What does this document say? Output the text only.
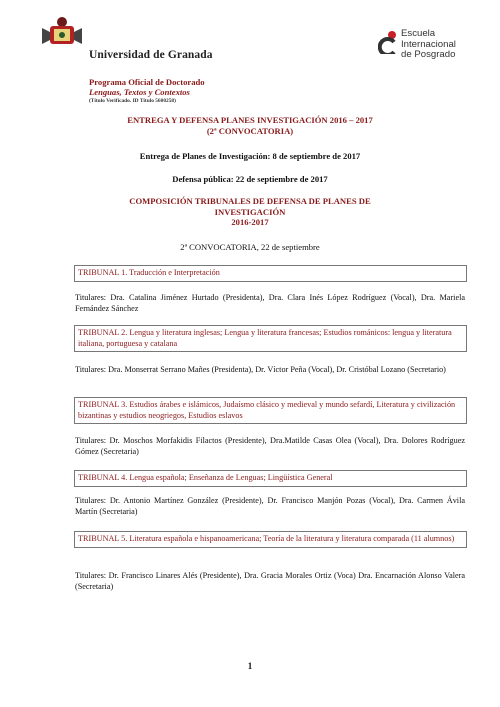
Universidad de Granada
Programa Oficial de Doctorado
Lenguas, Textos y Contextos
(Título Verificado. ID Título 5600258)
Escuela
Internacional
de Posgrado
ENTREGA Y DEFENSA PLANES INVESTIGACIÓN 2016 – 2017
(2ª CONVOCATORIA)
Entrega de Planes de Investigación: 8 de septiembre de 2017
Defensa pública: 22 de septiembre de 2017
COMPOSICIÓN TRIBUNALES DE DEFENSA DE PLANES DE
INVESTIGACIÓN
2016-2017
2ª CONVOCATORIA, 22 de septiembre
TRIBUNAL 1. Traducción e Interpretación
Titulares: Dra. Catalina Jiménez Hurtado (Presidenta), Dra. Clara Inés López Rodríguez (Vocal), Dra. Mariela Fernández Sánchez
TRIBUNAL 2. Lengua y literatura inglesas; Lengua y literatura francesas; Estudios románicos: lengua y literatura italiana, portuguesa y catalana
Titulares: Dra. Monserrat Serrano Mañes (Presidenta), Dr. Víctor Peña (Vocal), Dr. Cristóbal Lozano (Secretario)
TRIBUNAL 3. Estudios árabes e islámicos, Judaísmo clásico y medieval y mundo sefardí, Literatura y civilización bizantinas y estudios neogriegos, Estudios eslavos
Titulares: Dr. Moschos Morfakidis Filactos (Presidente), Dra.Matilde Casas Olea (Vocal), Dra. Dolores Rodríguez Gómez (Secretaria)
TRIBUNAL 4. Lengua española; Enseñanza de Lenguas; Lingüística General
Titulares: Dr. Antonio Martínez González (Presidente), Dr. Francisco Manjón Pozas (Vocal), Dra. Carmen Ávila Martín (Secretaria)
TRIBUNAL 5. Literatura española e hispanoamericana; Teoría de la literatura y literatura comparada (11 alumnos)
Titulares: Dr. Francisco Linares Alés (Presidente), Dra. Gracia Morales Ortiz (Voca) Dra. Encarnación Alonso Valera (Secretaria)
1
